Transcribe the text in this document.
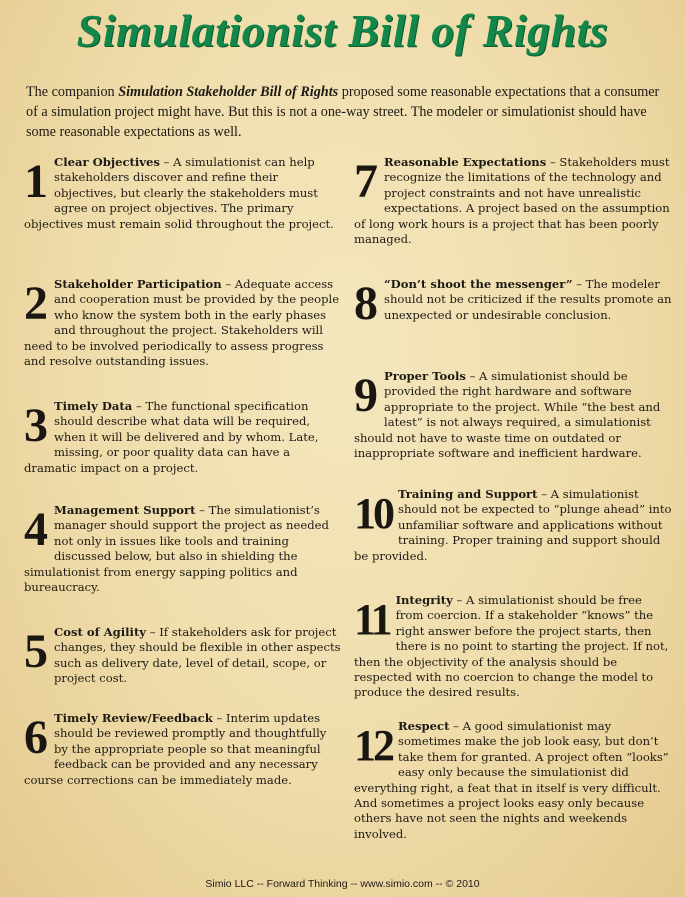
Simulationist Bill of Rights
The companion Simulation Stakeholder Bill of Rights proposed some reasonable expectations that a consumer of a simulation project might have. But this is not a one-way street. The modeler or simulationist should have some reasonable expectations as well.
1 Clear Objectives – A simulationist can help stakeholders discover and refine their objectives, but clearly the stakeholders must agree on project objectives. The primary objectives must remain solid throughout the project.
2 Stakeholder Participation – Adequate access and cooperation must be provided by the people who know the system both in the early phases and throughout the project. Stakeholders will need to be involved periodically to assess progress and resolve outstanding issues.
3 Timely Data – The functional specification should describe what data will be required, when it will be delivered and by whom. Late, missing, or poor quality data can have a dramatic impact on a project.
4 Management Support – The simulationist’s manager should support the project as needed not only in issues like tools and training discussed below, but also in shielding the simulationist from energy sapping politics and bureaucracy.
5 Cost of Agility – If stakeholders ask for project changes, they should be flexible in other aspects such as delivery date, level of detail, scope, or project cost.
6 Timely Review/Feedback – Interim updates should be reviewed promptly and thoughtfully by the appropriate people so that meaningful feedback can be provided and any necessary course corrections can be immediately made.
7 Reasonable Expectations – Stakeholders must recognize the limitations of the technology and project constraints and not have unrealistic expectations. A project based on the assumption of long work hours is a project that has been poorly managed.
8 “Don’t shoot the messenger” – The modeler should not be criticized if the results promote an unexpected or undesirable conclusion.
9 Proper Tools – A simulationist should be provided the right hardware and software appropriate to the project. While “the best and latest” is not always required, a simulationist should not have to waste time on outdated or inappropriate software and inefficient hardware.
10 Training and Support – A simulationist should not be expected to “plunge ahead” into unfamiliar software and applications without training. Proper training and support should be provided.
11 Integrity – A simulationist should be free from coercion. If a stakeholder “knows” the right answer before the project starts, then there is no point to starting the project. If not, then the objectivity of the analysis should be respected with no coercion to change the model to produce the desired results.
12 Respect – A good simulationist may sometimes make the job look easy, but don’t take them for granted. A project often “looks” easy only because the simulationist did everything right, a feat that in itself is very difficult. And sometimes a project looks easy only because others have not seen the nights and weekends involved.
Simio LLC -- Forward Thinking -- www.simio.com -- © 2010
